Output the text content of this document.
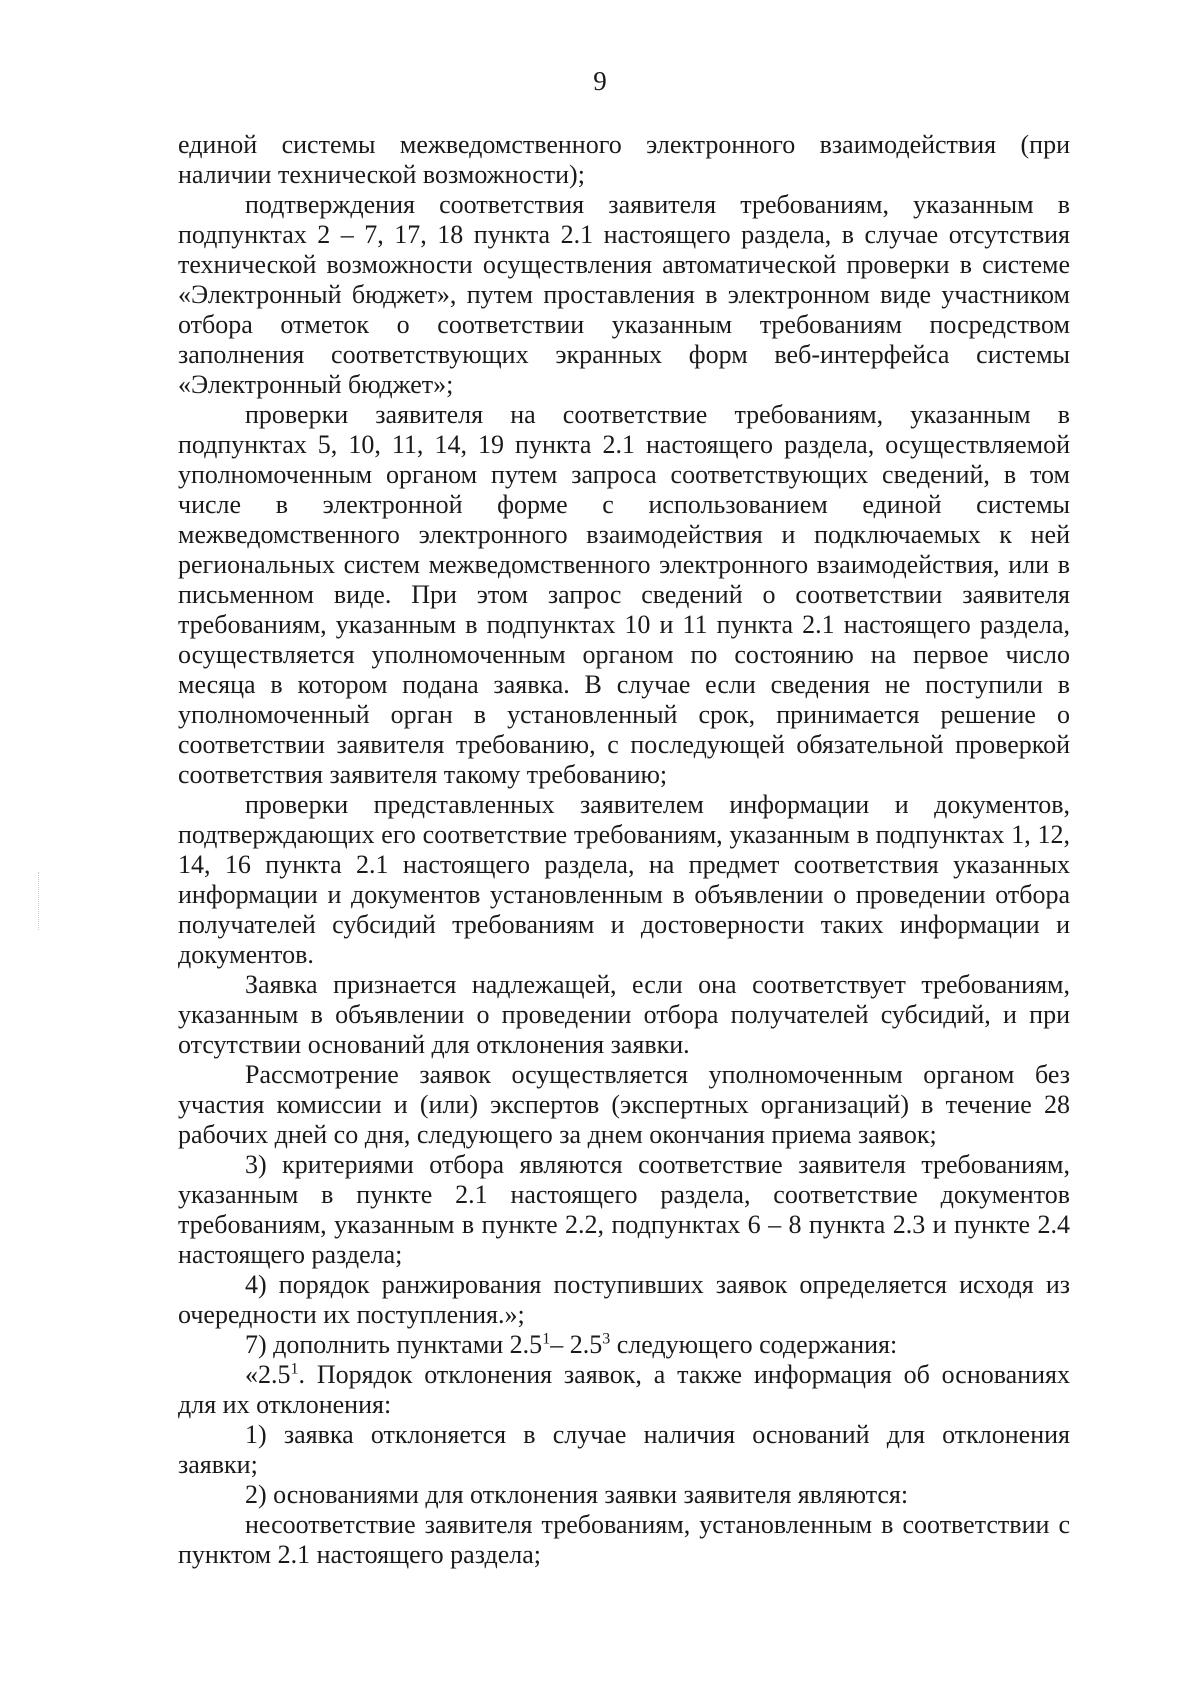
9

единой системы межведомственного электронного взаимодействия (при наличии технической возможности);

подтверждения соответствия заявителя требованиям, указанным в подпунктах 2 – 7, 17, 18 пункта 2.1 настоящего раздела, в случае отсутствия технической возможности осуществления автоматической проверки в системе «Электронный бюджет», путем проставления в электронном виде участником отбора отметок о соответствии указанным требованиям посредством заполнения соответствующих экранных форм веб-интерфейса системы «Электронный бюджет»;

проверки заявителя на соответствие требованиям, указанным в подпунктах 5, 10, 11, 14, 19 пункта 2.1 настоящего раздела, осуществляемой уполномоченным органом путем запроса соответствующих сведений, в том числе в электронной форме с использованием единой системы межведомственного электронного взаимодействия и подключаемых к ней региональных систем межведомственного электронного взаимодействия, или в письменном виде. При этом запрос сведений о соответствии заявителя требованиям, указанным в подпунктах 10 и 11 пункта 2.1 настоящего раздела, осуществляется уполномоченным органом по состоянию на первое число месяца в котором подана заявка. В случае если сведения не поступили в уполномоченный орган в установленный срок, принимается решение о соответствии заявителя требованию, с последующей обязательной проверкой соответствия заявителя такому требованию;

проверки представленных заявителем информации и документов, подтверждающих его соответствие требованиям, указанным в подпунктах 1, 12, 14, 16 пункта 2.1 настоящего раздела, на предмет соответствия указанных информации и документов установленным в объявлении о проведении отбора получателей субсидий требованиям и достоверности таких информации и документов.

Заявка признается надлежащей, если она соответствует требованиям, указанным в объявлении о проведении отбора получателей субсидий, и при отсутствии оснований для отклонения заявки.

Рассмотрение заявок осуществляется уполномоченным органом без участия комиссии и (или) экспертов (экспертных организаций) в течение 28 рабочих дней со дня, следующего за днем окончания приема заявок;

3) критериями отбора являются соответствие заявителя требованиям, указанным в пункте 2.1 настоящего раздела, соответствие документов требованиям, указанным в пункте 2.2, подпунктах 6 – 8 пункта 2.3 и пункте 2.4 настоящего раздела;

4) порядок ранжирования поступивших заявок определяется исходя из очередности их поступления.»;

7) дополнить пунктами $2.5^1-$ $2.5^3$ следующего содержания:

«$2.5^1$. Порядок отклонения заявок, а также информация об основаниях для их отклонения:

1) заявка отклоняется в случае наличия оснований для отклонения заявки;

2) основаниями для отклонения заявки заявителя являются:

несоответствие заявителя требованиям, установленным в соответствии с пунктом 2.1 настоящего раздела;
